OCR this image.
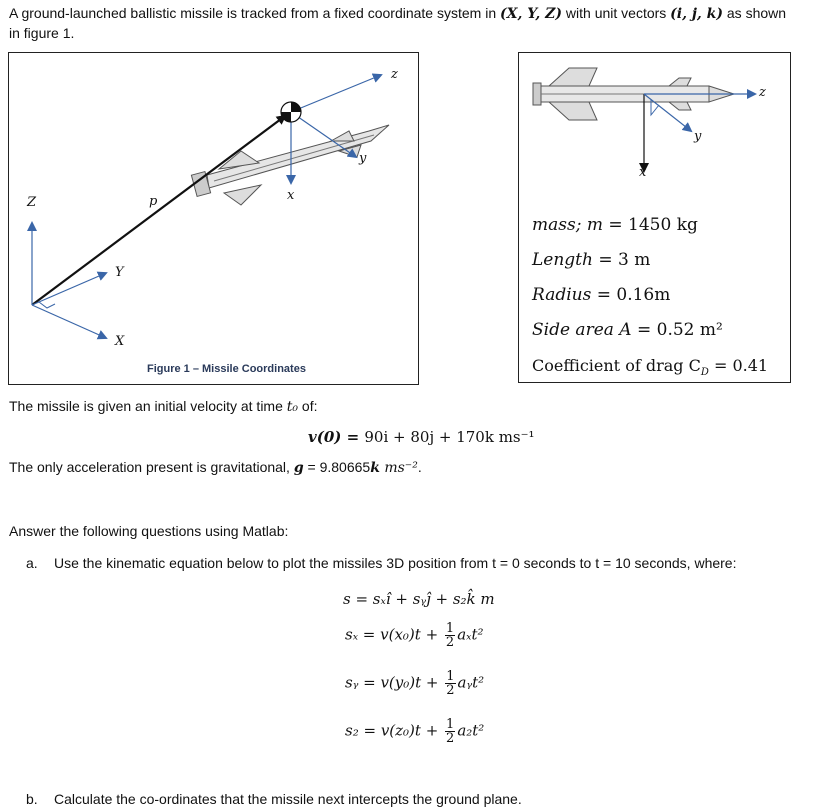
A ground-launched ballistic missile is tracked from a fixed coordinate system in (X, Y, Z) with unit vectors (i, j, k) as shown
in figure 1.
Z
Y
X
p	x
y
z
Figure 1 – Missile Coordinates
z
y
x
mass; m = 1450 kg
Length = 3 m
Radius = 0.16m
Side area A = 0.52 m²
Coefficient of drag $C_D = 0.41$
The missile is given an initial velocity at time t₀ of:
v(0) = 90i + 80j + 170k ms⁻¹
The only acceleration present is gravitational, g = 9.80665k ms⁻².
Answer the following questions using Matlab:
a. Use the kinematic equation below to plot the missiles 3D position from t = 0 seconds to t = 10 seconds, where:
s = sₓî + sᵧĵ + s₂k̂ m
$s_x = v(x_0)t + \frac{1}{2} a_xt^2$
sᵧ = $v(y_0)t + \frac{1}{2}$ aᵧt²
$s_2 = v(z_0)t + \frac{1}{2} a_2t^2$
b. Calculate the co-ordinates that the missile next intercepts the ground plane.
